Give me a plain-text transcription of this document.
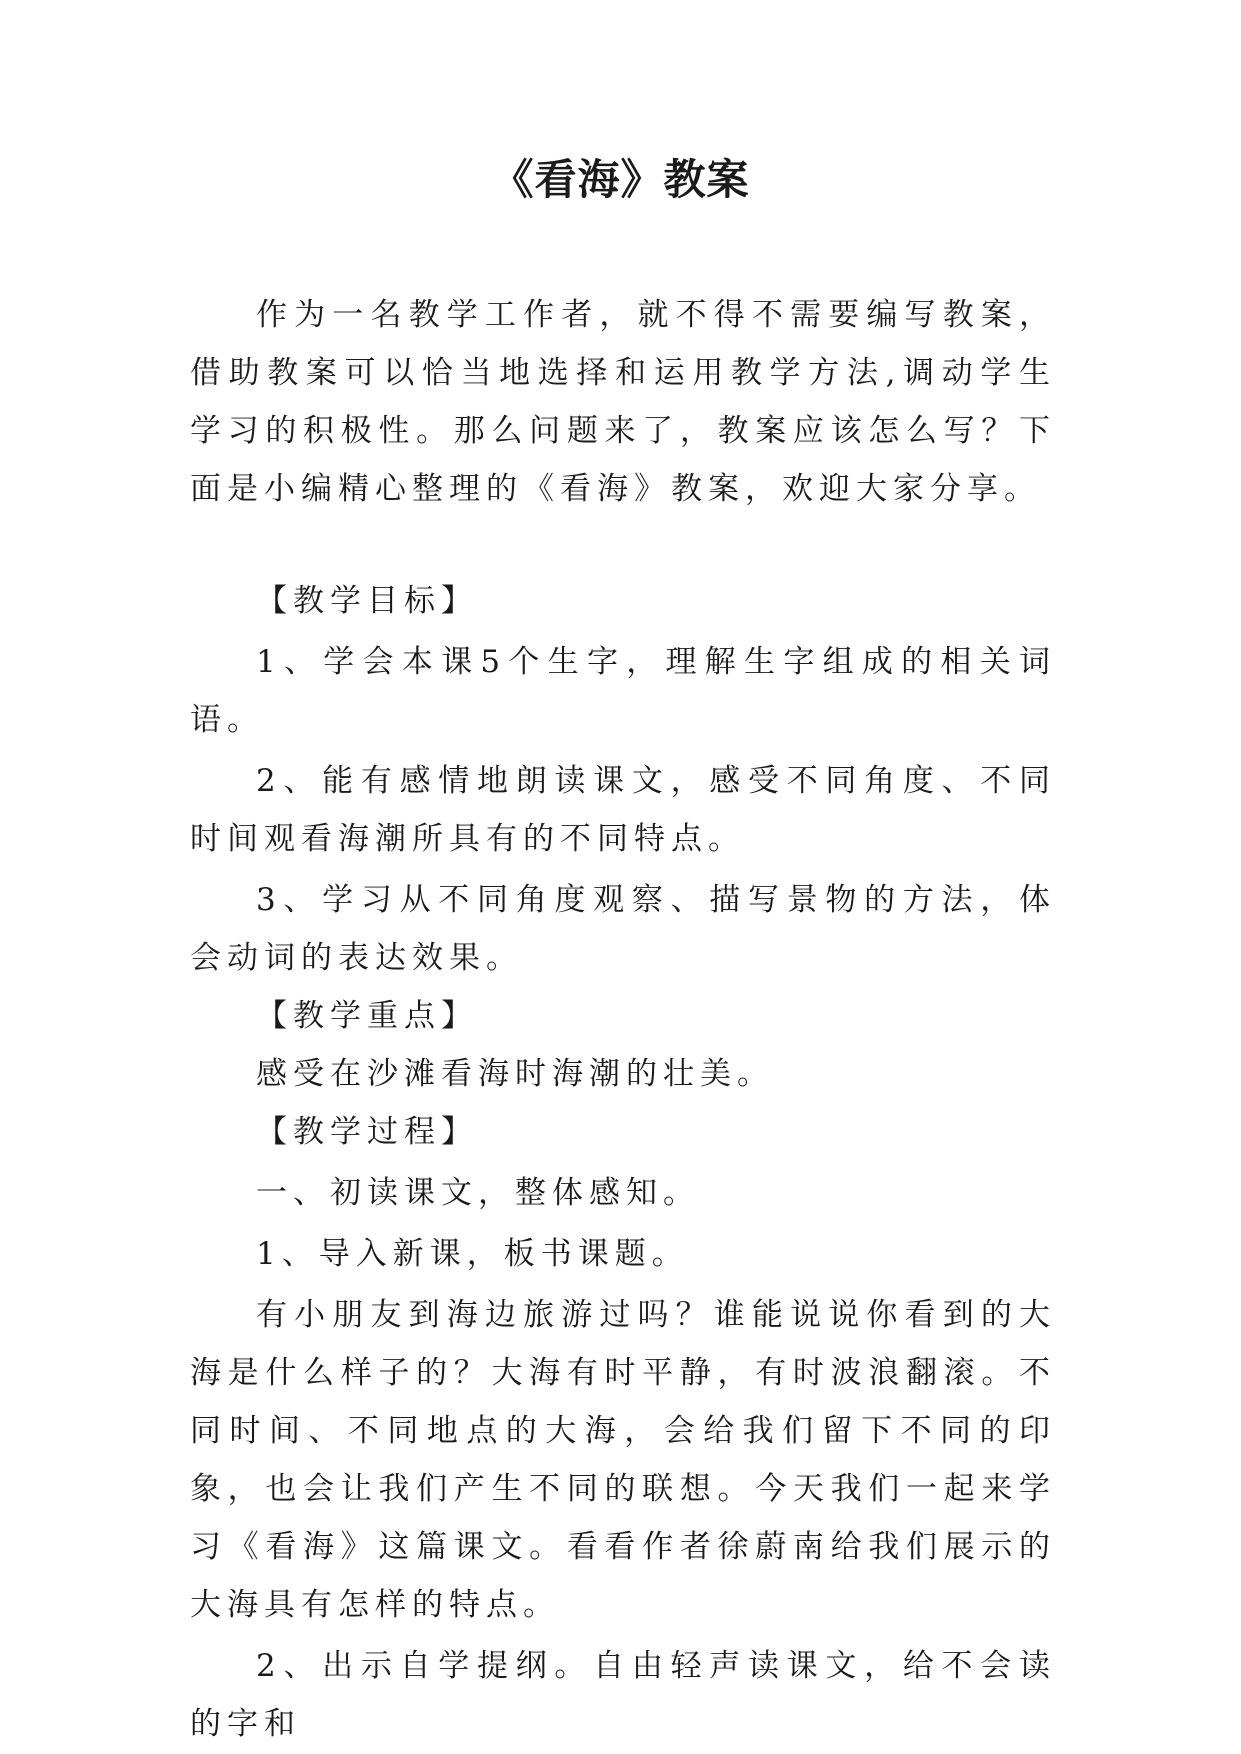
《看海》教案

作为一名教学工作者，就不得不需要编写教案，借助教案可以恰当地选择和运用教学方法,调动学生学习的积极性。那么问题来了，教案应该怎么写？下面是小编精心整理的《看海》教案，欢迎大家分享。

【教学目标】

1、学会本课5个生字，理解生字组成的相关词语。

2、能有感情地朗读课文，感受不同角度、不同时间观看海潮所具有的不同特点。

3、学习从不同角度观察、描写景物的方法，体会动词的表达效果。

【教学重点】

感受在沙滩看海时海潮的壮美。

【教学过程】

一、初读课文，整体感知。

1、导入新课，板书课题。

有小朋友到海边旅游过吗？谁能说说你看到的大海是什么样子的？大海有时平静，有时波浪翻滚。不同时间、不同地点的大海，会给我们留下不同的印象，也会让我们产生不同的联想。今天我们一起来学习《看海》这篇课文。看看作者徐蔚南给我们展示的大海具有怎样的特点。

2、出示自学提纲。自由轻声读课文，给不会读的字和
